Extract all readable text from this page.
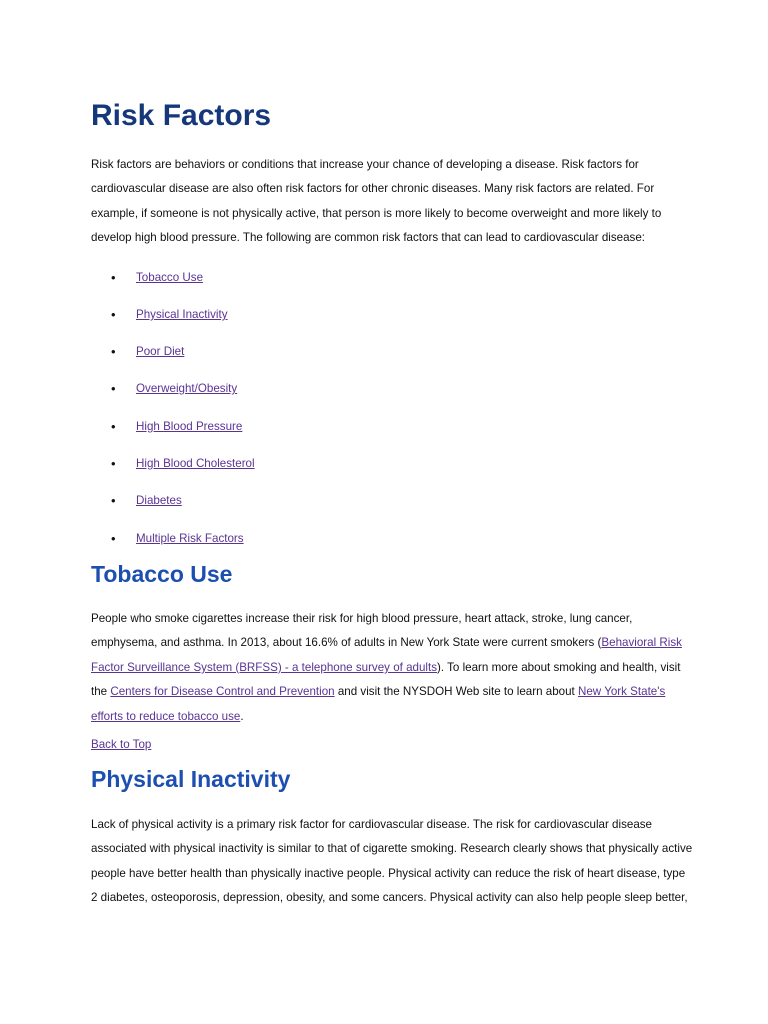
Risk Factors
Risk factors are behaviors or conditions that increase your chance of developing a disease. Risk factors for
cardiovascular disease are also often risk factors for other chronic diseases. Many risk factors are related. For
example, if someone is not physically active, that person is more likely to become overweight and more likely to
develop high blood pressure. The following are common risk factors that can lead to cardiovascular disease:
• Tobacco Use
• Physical Inactivity
• Poor Diet
• Overweight/Obesity
• High Blood Pressure
• High Blood Cholesterol
• Diabetes
• Multiple Risk Factors
Tobacco Use
People who smoke cigarettes increase their risk for high blood pressure, heart attack, stroke, lung cancer,
emphysema, and asthma. In 2013, about 16.6% of adults in New York State were current smokers (Behavioral Risk
Factor Surveillance System (BRFSS) - a telephone survey of adults). To learn more about smoking and health, visit
the Centers for Disease Control and Prevention and visit the NYSDOH Web site to learn about New York State's
efforts to reduce tobacco use.
Back to Top
Physical Inactivity
Lack of physical activity is a primary risk factor for cardiovascular disease. The risk for cardiovascular disease
associated with physical inactivity is similar to that of cigarette smoking. Research clearly shows that physically active
people have better health than physically inactive people. Physical activity can reduce the risk of heart disease, type
2 diabetes, osteoporosis, depression, obesity, and some cancers. Physical activity can also help people sleep better,
